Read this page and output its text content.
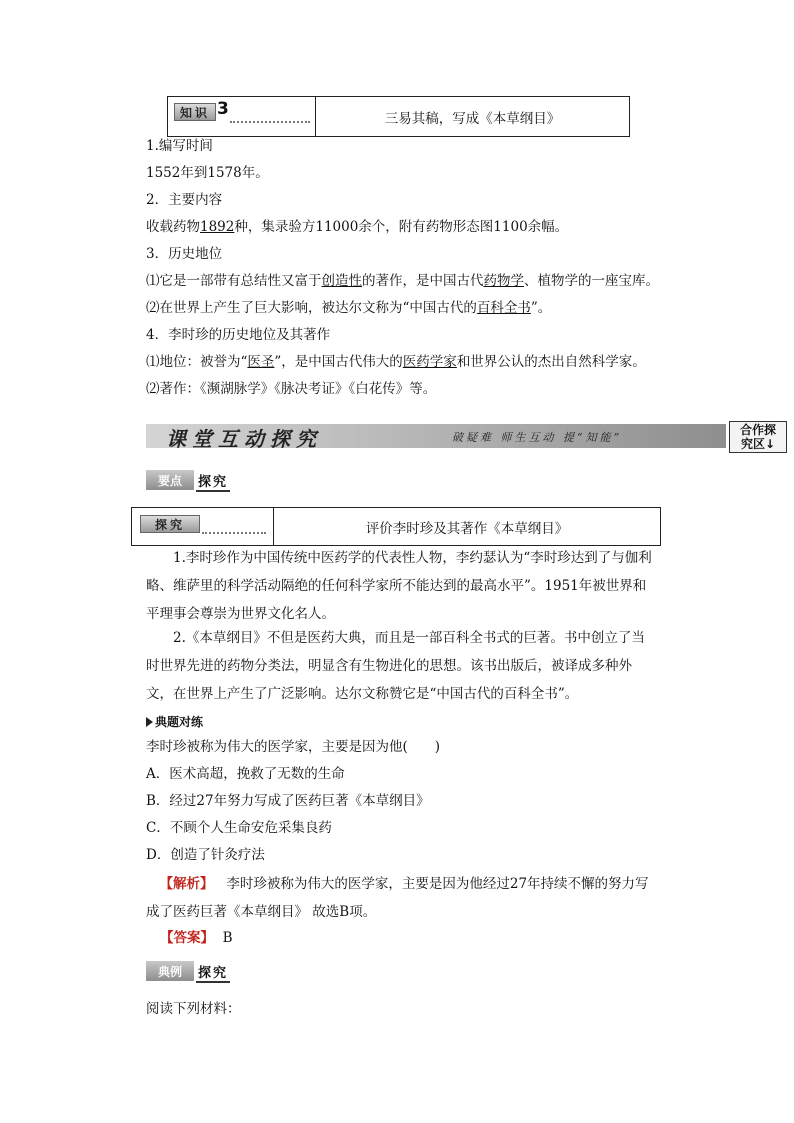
知识 3	三易其稿，写成《本草纲目》
1.编写时间
1552年到1578年。
2．主要内容
收载药物1892种，集录验方11000余个，附有药物形态图1100余幅。
3．历史地位
⑴它是一部带有总结性又富于创造性的著作，是中国古代药物学、植物学的一座宝库。
⑵在世界上产生了巨大影响，被达尔文称为“中国古代的百科全书”。
4．李时珍的历史地位及其著作
⑴地位：被誉为“医圣”，是中国古代伟大的医药学家和世界公认的杰出自然科学家。
⑵著作：《濒湖脉学》《脉决考证》《白花传》等。
课堂互动探究	破疑难 师生互动 提“知能”
合作探
究区↓
要点	探究
探究	评价李时珍及其著作《本草纲目》
1.李时珍作为中国传统中医药学的代表性人物，李约瑟认为“李时珍达到了与伽利略、维萨里的科学活动隔绝的任何科学家所不能达到的最高水平”。1951年被世界和平理事会尊崇为世界文化名人。
2.《本草纲目》不但是医药大典，而且是一部百科全书式的巨著。书中创立了当时世界先进的药物分类法，明显含有生物进化的思想。该书出版后，被译成多种外文，在世界上产生了广泛影响。达尔文称赞它是“中国古代的百科全书”。
典题对练
李时珍被称为伟大的医学家，主要是因为他(　　)
A．医术高超，挽救了无数的生命
B．经过27年努力写成了医药巨著《本草纲目》
C．不顾个人生命安危采集良药
D．创造了针灸疗法
【解析】 李时珍被称为伟大的医学家，主要是因为他经过27年持续不懈的努力写成了医药巨著《本草纲目》 故选B项。
【答案】 B
典例	探究
阅读下列材料：
